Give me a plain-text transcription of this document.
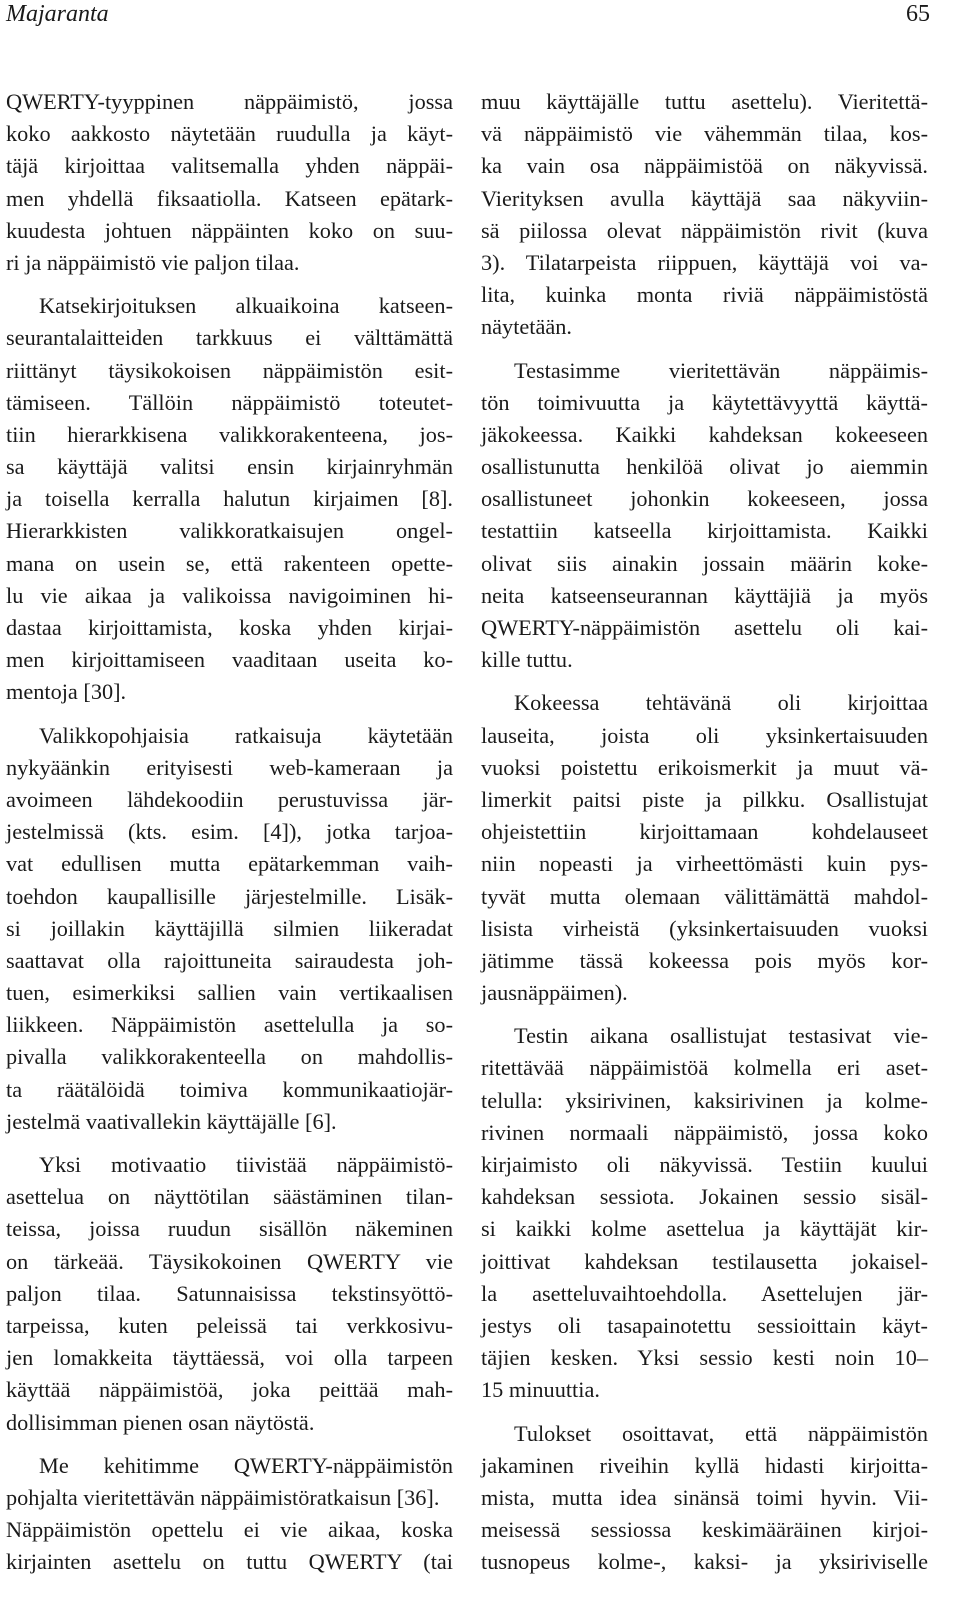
Majaranta	65
QWERTY-tyyppinen näppäimistö, jossa
koko aakkosto näytetään ruudulla ja käyt-
täjä kirjoittaa valitsemalla yhden näppäi-
men yhdellä fiksaatiolla. Katseen epätark-
kuudesta johtuen näppäinten koko on suu-
ri ja näppäimistö vie paljon tilaa.
Katsekirjoituksen alkuaikoina katseen-
seurantalaitteiden tarkkuus ei välttämättä
riittänyt täysikokoisen näppäimistön esit-
tämiseen. Tällöin näppäimistö toteutet-
tiin hierarkkisena valikkorakenteena, jos-
sa käyttäjä valitsi ensin kirjainryhmän
ja toisella kerralla halutun kirjaimen [8].
Hierarkkisten valikkoratkaisujen ongel-
mana on usein se, että rakenteen opette-
lu vie aikaa ja valikoissa navigoiminen hi-
dastaa kirjoittamista, koska yhden kirjai-
men kirjoittamiseen vaaditaan useita ko-
mentoja [30].
Valikkopohjaisia ratkaisuja käytetään
nykyäänkin erityisesti web-kameraan ja
avoimeen lähdekoodiin perustuvissa jär-
jestelmissä (kts. esim. [4]), jotka tarjoa-
vat edullisen mutta epätarkemman vaih-
toehdon kaupallisille järjestelmille. Lisäk-
si joillakin käyttäjillä silmien liikeradat
saattavat olla rajoittuneita sairaudesta joh-
tuen, esimerkiksi sallien vain vertikaalisen
liikkeen. Näppäimistön asettelulla ja so-
pivalla valikkorakenteella on mahdollis-
ta räätälöidä toimiva kommunikaatiojär-
jestelmä vaativallekin käyttäjälle [6].
Yksi motivaatio tiivistää näppäimistö-
asettelua on näyttötilan säästäminen tilan-
teissa, joissa ruudun sisällön näkeminen
on tärkeää. Täysikokoinen QWERTY vie
paljon tilaa. Satunnaisissa tekstinsyöttö-
tarpeissa, kuten peleissä tai verkkosivu-
jen lomakkeita täyttäessä, voi olla tarpeen
käyttää näppäimistöä, joka peittää mah-
dollisimman pienen osan näytöstä.
Me kehitimme QWERTY-näppäimistön
pohjalta vieritettävän näppäimistöratkaisun [36].
Näppäimistön opettelu ei vie aikaa, koska
kirjainten asettelu on tuttu QWERTY (tai
muu käyttäjälle tuttu asettelu). Vieritettä-
vä näppäimistö vie vähemmän tilaa, kos-
ka vain osa näppäimistöä on näkyvissä.
Vierityksen avulla käyttäjä saa näkyviin-
sä piilossa olevat näppäimistön rivit (kuva
3). Tilatarpeista riippuen, käyttäjä voi va-
lita, kuinka monta riviä näppäimistöstä
näytetään.
Testasimme vieritettävän näppäimis-
tön toimivuutta ja käytettävyyttä käyttä-
jäkokeessa. Kaikki kahdeksan kokeeseen
osallistunutta henkilöä olivat jo aiemmin
osallistuneet johonkin kokeeseen, jossa
testattiin katseella kirjoittamista. Kaikki
olivat siis ainakin jossain määrin koke-
neita katseenseurannan käyttäjiä ja myös
QWERTY-näppäimistön asettelu oli kai-
kille tuttu.
Kokeessa tehtävänä oli kirjoittaa
lauseita, joista oli yksinkertaisuuden
vuoksi poistettu erikoismerkit ja muut vä-
limerkit paitsi piste ja pilkku. Osallistujat
ohjeistettiin kirjoittamaan kohdelauseet
niin nopeasti ja virheettömästi kuin pys-
tyvät mutta olemaan välittämättä mahdol-
lisista virheistä (yksinkertaisuuden vuoksi
jätimme tässä kokeessa pois myös kor-
jausnäppäimen).
Testin aikana osallistujat testasivat vie-
ritettävää näppäimistöä kolmella eri aset-
telulla: yksirivinen, kaksirivinen ja kolme-
rivinen normaali näppäimistö, jossa koko
kirjaimisto oli näkyvissä. Testiin kuului
kahdeksan sessiota. Jokainen sessio sisäl-
si kaikki kolme asettelua ja käyttäjät kir-
joittivat kahdeksan testilausetta jokaisel-
la asetteluvaihtoehdolla. Asettelujen jär-
jestys oli tasapainotettu sessioittain käyt-
täjien kesken. Yksi sessio kesti noin 10–
15 minuuttia.
Tulokset osoittavat, että näppäimistön
jakaminen riveihin kyllä hidasti kirjoitta-
mista, mutta idea sinänsä toimi hyvin. Vii-
meisessä sessiossa keskimääräinen kirjoi-
tusnopeus kolme-, kaksi- ja yksiriviselle
